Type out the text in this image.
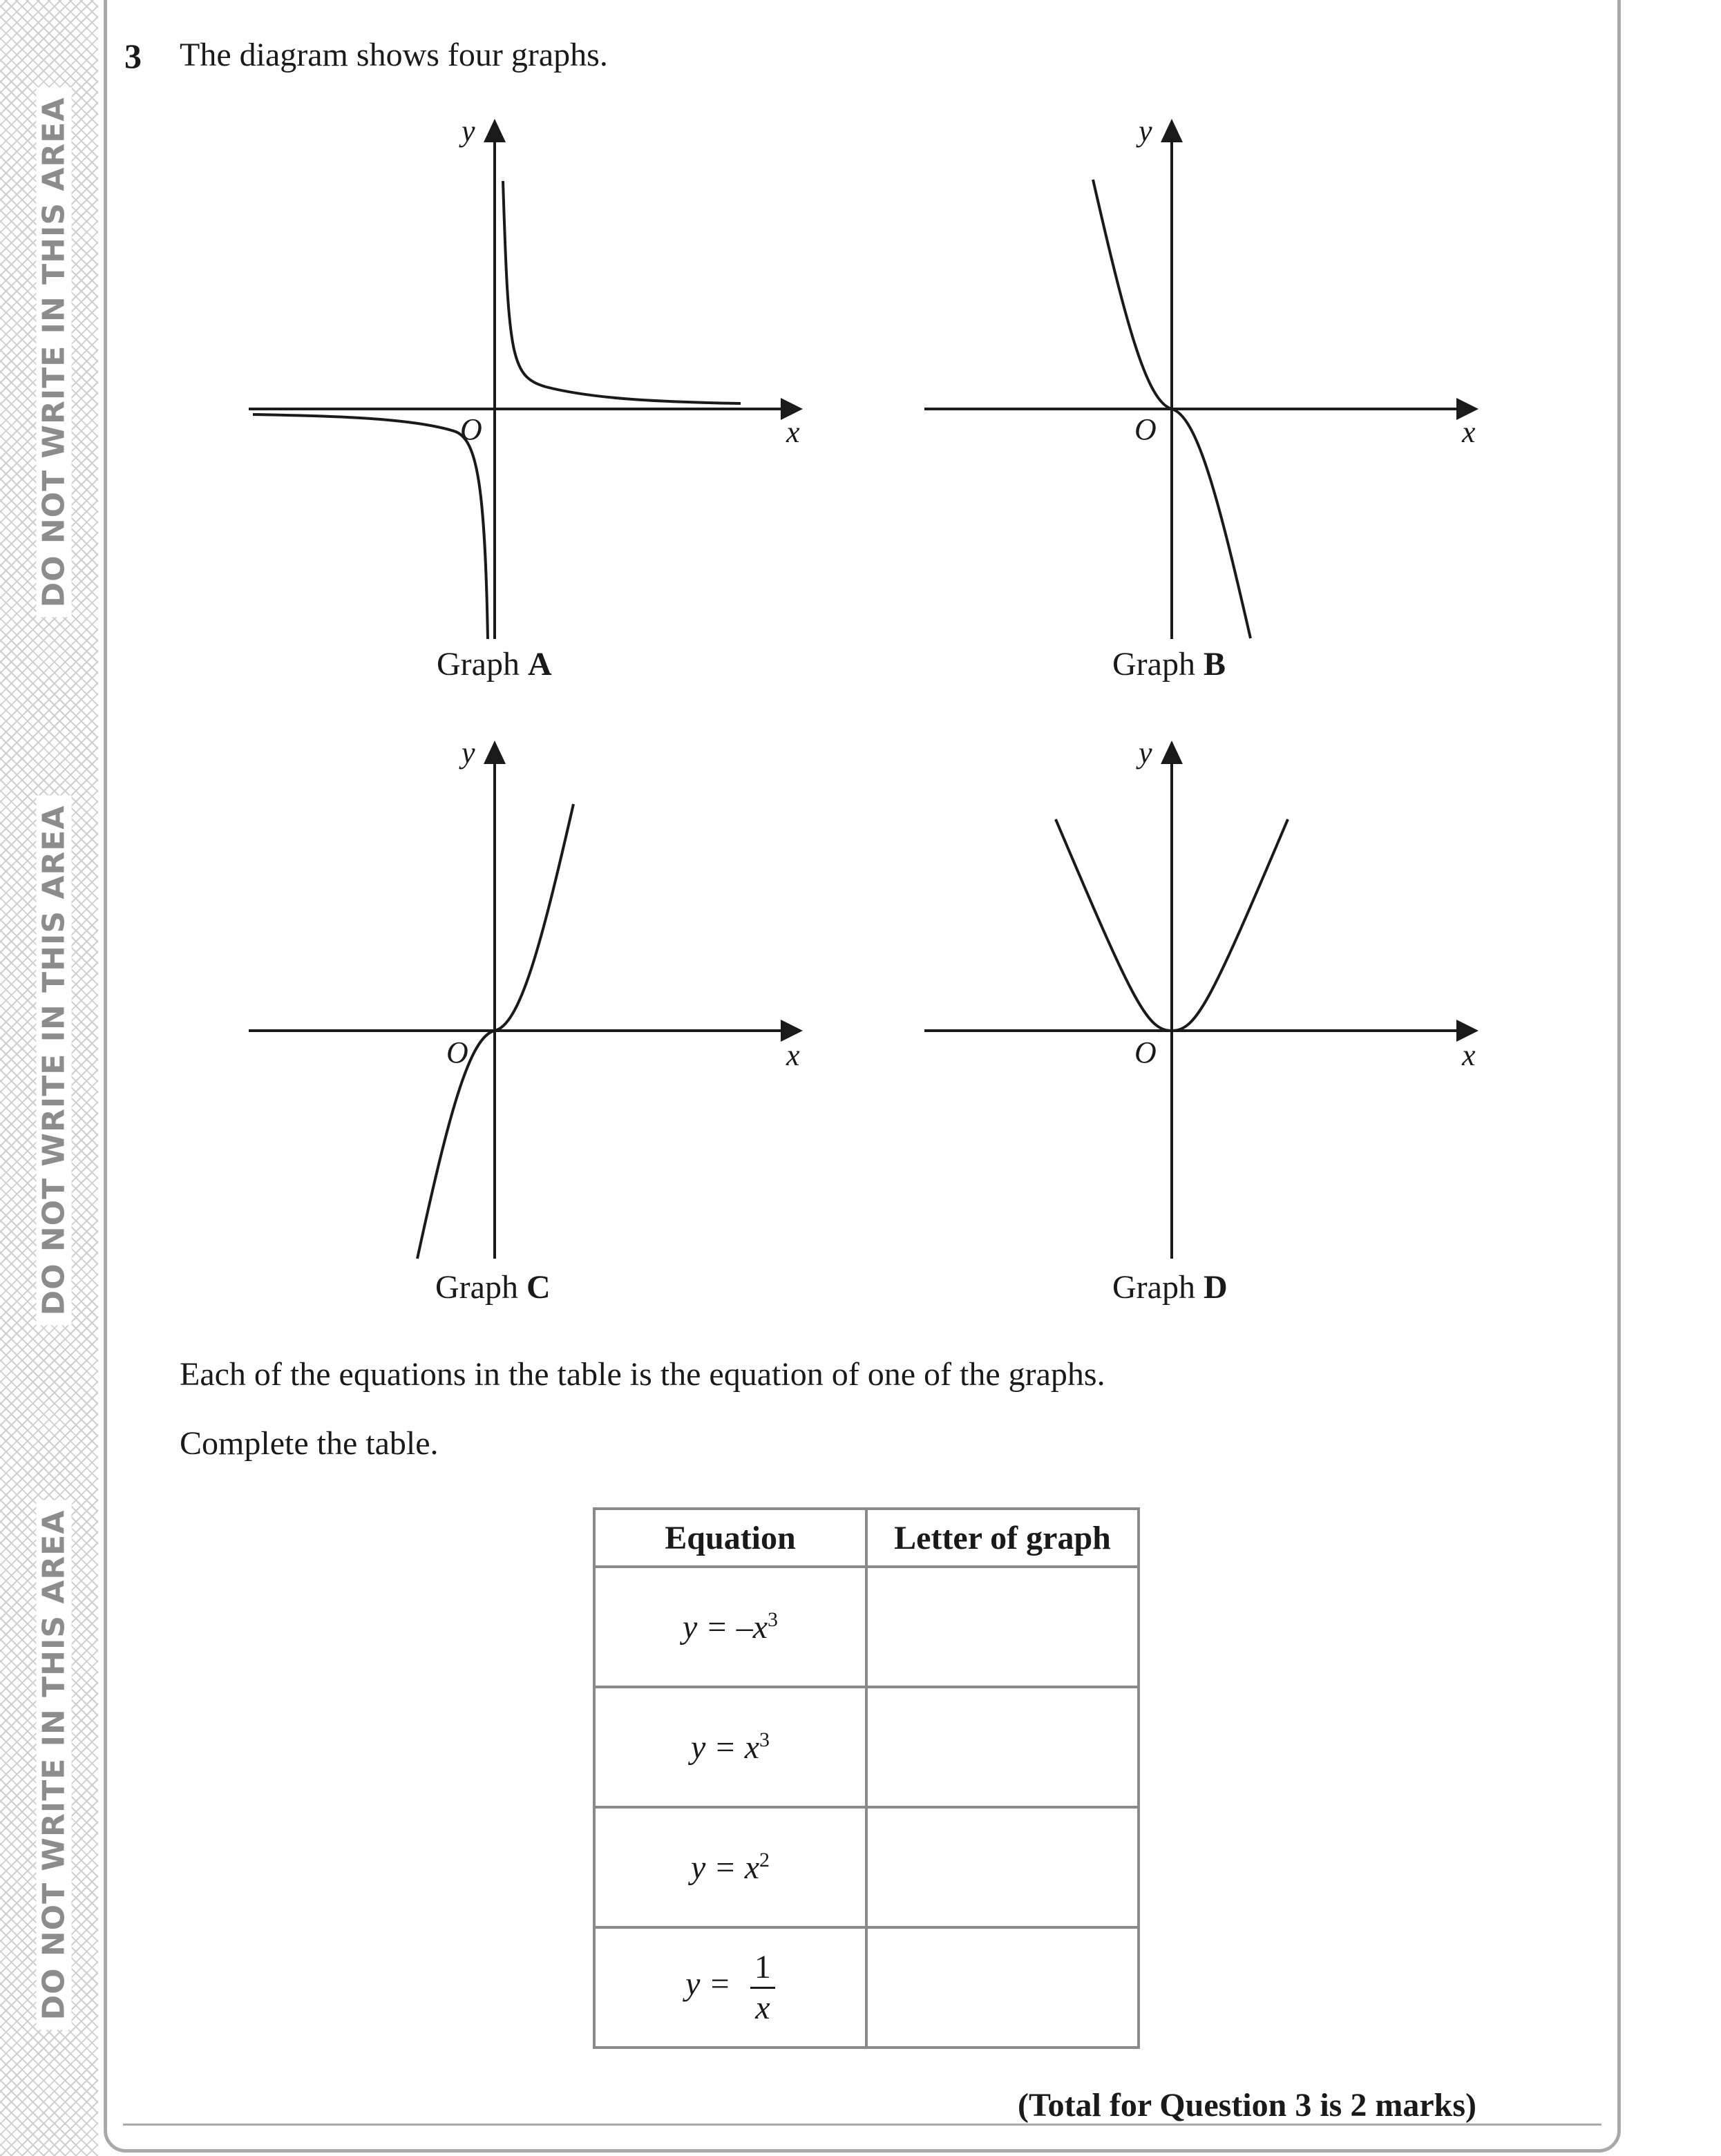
DO NOT WRITE IN THIS AREA
DO NOT WRITE IN THIS AREA
DO NOT WRITE IN THIS AREA
3 The diagram shows four graphs.
y
O	x
y
O	x
y
O	x
y
O	x
Graph A	Graph B
Graph C	Graph D
Each of the equations in the table is the equation of one of the graphs.
Complete the table.
Equation	Letter of graph
$y = -x^3$	
$y = x^3$	
$y = x^2$	
$y = \frac{1}{x}$

(Total for Question 3 is 2 marks)
